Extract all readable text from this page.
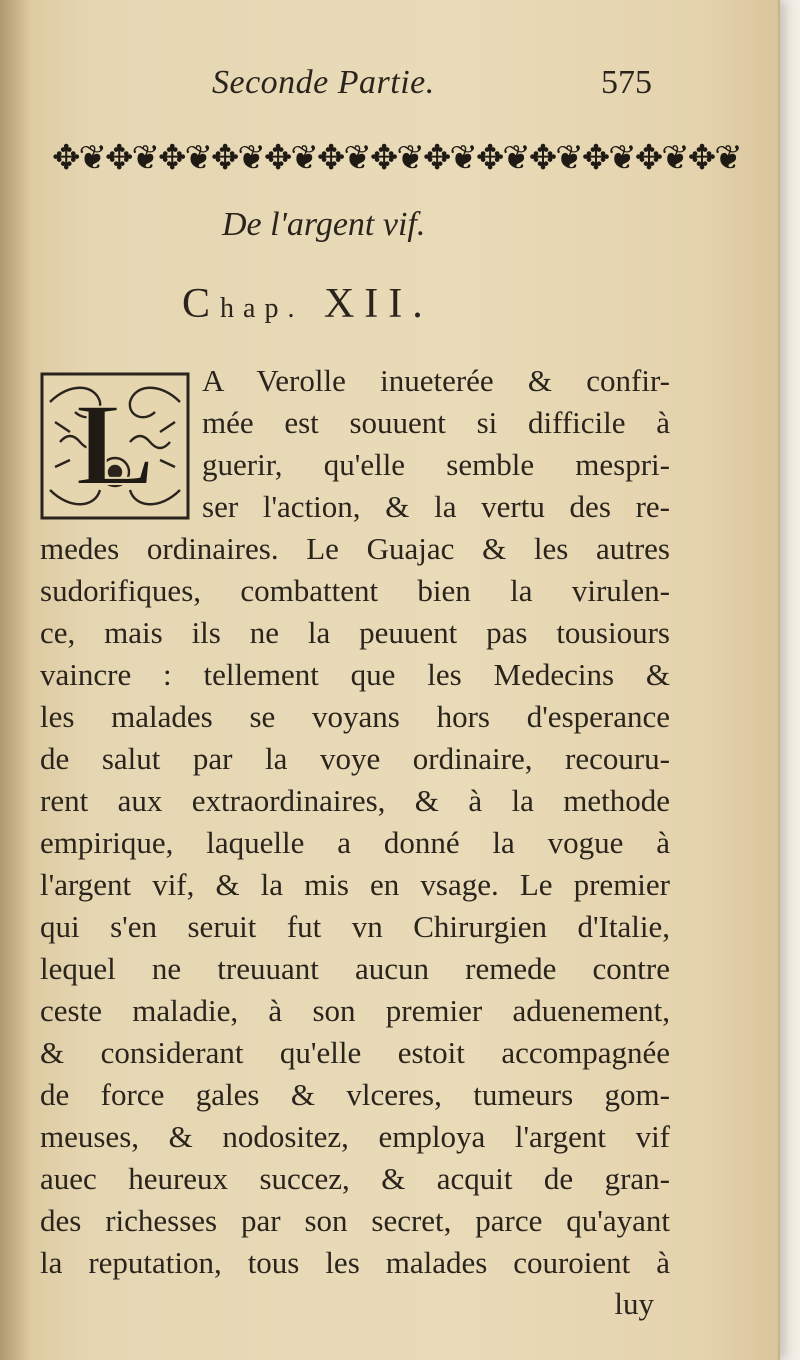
Seconde Partie.	575
✥❦✥❦✥❦✥❦✥❦✥❦✥❦✥❦✥❦✥❦✥❦✥❦✥❦
De l'argent vif.
Chap. XII.
L A Verolle inueterée & confir-
mée est souuent si difficile à
guerir, qu'elle semble mespri-
ser l'action, & la vertu des re-
medes ordinaires. Le Guajac & les autres
sudorifiques, combattent bien la virulen-
ce, mais ils ne la peuuent pas tousiours
vaincre : tellement que les Medecins &
les malades se voyans hors d'esperance
de salut par la voye ordinaire, recouru-
rent aux extraordinaires, & à la methode
empirique, laquelle a donné la vogue à
l'argent vif, & la mis en vsage. Le premier
qui s'en seruit fut vn Chirurgien d'Italie,
lequel ne treuuant aucun remede contre
ceste maladie, à son premier aduenement,
& considerant qu'elle estoit accompagnée
de force gales & vlceres, tumeurs gom-
meuses, & nodositez, employa l'argent vif
auec heureux succez, & acquit de gran-
des richesses par son secret, parce qu'ayant
la reputation, tous les malades couroient à
luy
